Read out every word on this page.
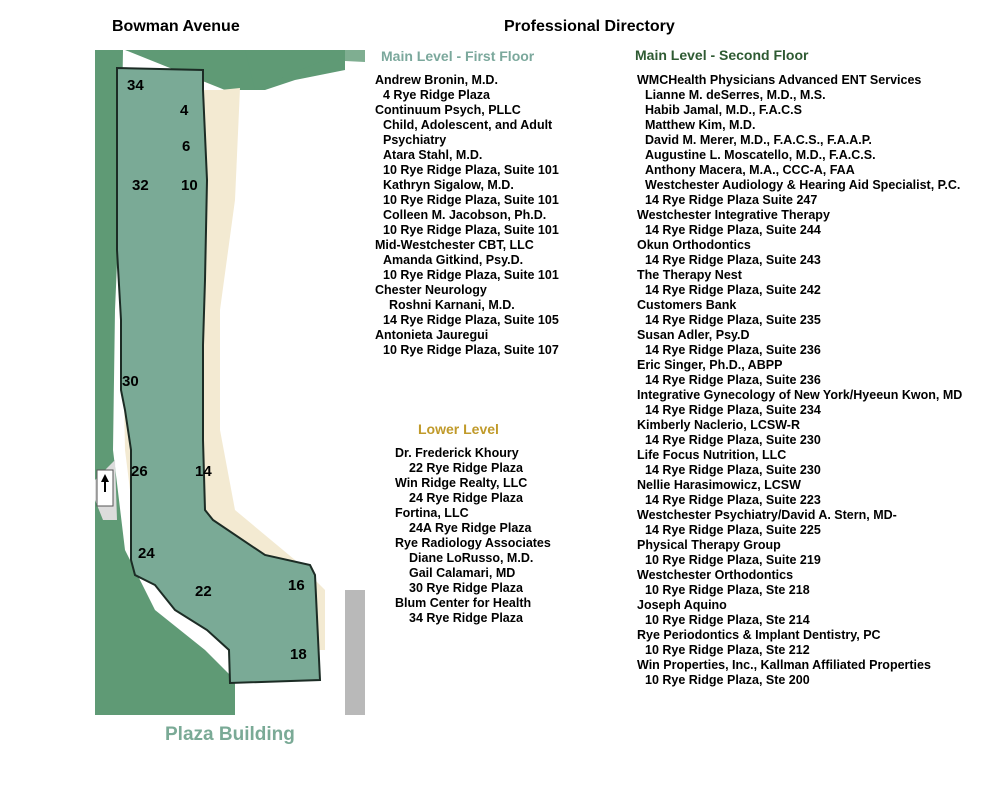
Bowman Avenue	Professional Directory
34
4
6
32 10
30
26	14
24
22	16
18
Plaza Building
Main Level - First Floor
Andrew Bronin, M.D.
4 Rye Ridge Plaza
Continuum Psych, PLLC
Child, Adolescent, and Adult
Psychiatry
Atara Stahl, M.D.
10 Rye Ridge Plaza, Suite 101
Kathryn Sigalow, M.D.
10 Rye Ridge Plaza, Suite 101
Colleen M. Jacobson, Ph.D.
10 Rye Ridge Plaza, Suite 101
Mid-Westchester CBT, LLC
Amanda Gitkind, Psy.D.
10 Rye Ridge Plaza, Suite 101
Chester Neurology
Roshni Karnani, M.D.
14 Rye Ridge Plaza, Suite 105
Antonieta Jauregui
10 Rye Ridge Plaza, Suite 107
Lower Level
Dr. Frederick Khoury
22 Rye Ridge Plaza
Win Ridge Realty, LLC
24 Rye Ridge Plaza
Fortina, LLC
24A Rye Ridge Plaza
Rye Radiology Associates
Diane LoRusso, M.D.
Gail Calamari, MD
30 Rye Ridge Plaza
Blum Center for Health
34 Rye Ridge Plaza
Main Level - Second Floor
WMCHealth Physicians Advanced ENT Services
Lianne M. deSerres, M.D., M.S.
Habib Jamal, M.D., F.A.C.S
Matthew Kim, M.D.
David M. Merer, M.D., F.A.C.S., F.A.A.P.
Augustine L. Moscatello, M.D., F.A.C.S.
Anthony Macera, M.A., CCC-A, FAA
Westchester Audiology & Hearing Aid Specialist, P.C.
14 Rye Ridge Plaza Suite 247
Westchester Integrative Therapy
14 Rye Ridge Plaza, Suite 244
Okun Orthodontics
14 Rye Ridge Plaza, Suite 243
The Therapy Nest
14 Rye Ridge Plaza, Suite 242
Customers Bank
14 Rye Ridge Plaza, Suite 235
Susan Adler, Psy.D
14 Rye Ridge Plaza, Suite 236
Eric Singer, Ph.D., ABPP
14 Rye Ridge Plaza, Suite 236
Integrative Gynecology of New York/Hyeeun Kwon, MD
14 Rye Ridge Plaza, Suite 234
Kimberly Naclerio, LCSW-R
14 Rye Ridge Plaza, Suite 230
Life Focus Nutrition, LLC
14 Rye Ridge Plaza, Suite 230
Nellie Harasimowicz, LCSW
14 Rye Ridge Plaza, Suite 223
Westchester Psychiatry/David A. Stern, MD-
14 Rye Ridge Plaza, Suite 225
Physical Therapy Group
10 Rye Ridge Plaza, Suite 219
Westchester Orthodontics
10 Rye Ridge Plaza, Ste 218
Joseph Aquino
10 Rye Ridge Plaza, Ste 214
Rye Periodontics & Implant Dentistry, PC
10 Rye Ridge Plaza, Ste 212
Win Properties, Inc., Kallman Affiliated Properties
10 Rye Ridge Plaza, Ste 200
